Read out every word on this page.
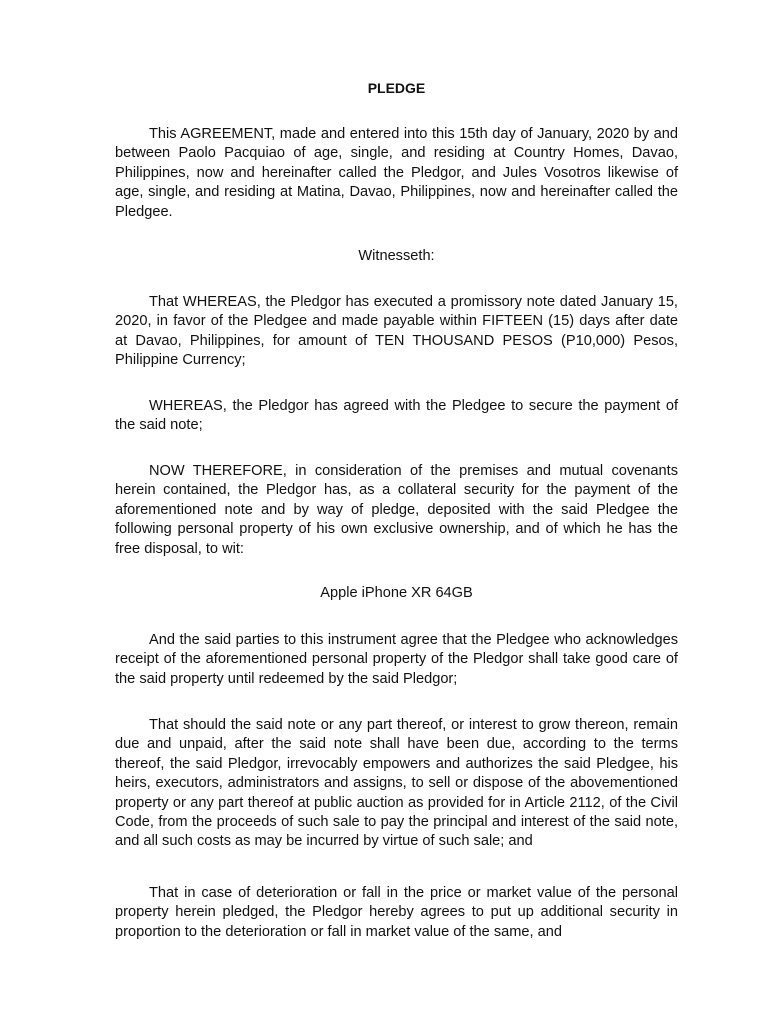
PLEDGE

This AGREEMENT, made and entered into this 15th day of January, 2020 by and between Paolo Pacquiao of age, single, and residing at Country Homes, Davao, Philippines, now and hereinafter called the Pledgor, and Jules Vosotros likewise of age, single, and residing at Matina, Davao, Philippines, now and hereinafter called the Pledgee.

Witnesseth:

That WHEREAS, the Pledgor has executed a promissory note dated January 15, 2020, in favor of the Pledgee and made payable within FIFTEEN (15) days after date at Davao, Philippines, for amount of TEN THOUSAND PESOS (P10,000) Pesos, Philippine Currency;

WHEREAS, the Pledgor has agreed with the Pledgee to secure the payment of the said note;

NOW THEREFORE, in consideration of the premises and mutual covenants herein contained, the Pledgor has, as a collateral security for the payment of the aforementioned note and by way of pledge, deposited with the said Pledgee the following personal property of his own exclusive ownership, and of which he has the free disposal, to wit:

Apple iPhone XR 64GB

And the said parties to this instrument agree that the Pledgee who acknowledges receipt of the aforementioned personal property of the Pledgor shall take good care of the said property until redeemed by the said Pledgor;

That should the said note or any part thereof, or interest to grow thereon, remain due and unpaid, after the said note shall have been due, according to the terms thereof, the said Pledgor, irrevocably empowers and authorizes the said Pledgee, his heirs, executors, administrators and assigns, to sell or dispose of the abovementioned property or any part thereof at public auction as provided for in Article 2112, of the Civil Code, from the proceeds of such sale to pay the principal and interest of the said note, and all such costs as may be incurred by virtue of such sale; and

That in case of deterioration or fall in the price or market value of the personal property herein pledged, the Pledgor hereby agrees to put up additional security in proportion to the deterioration or fall in market value of the same, and
